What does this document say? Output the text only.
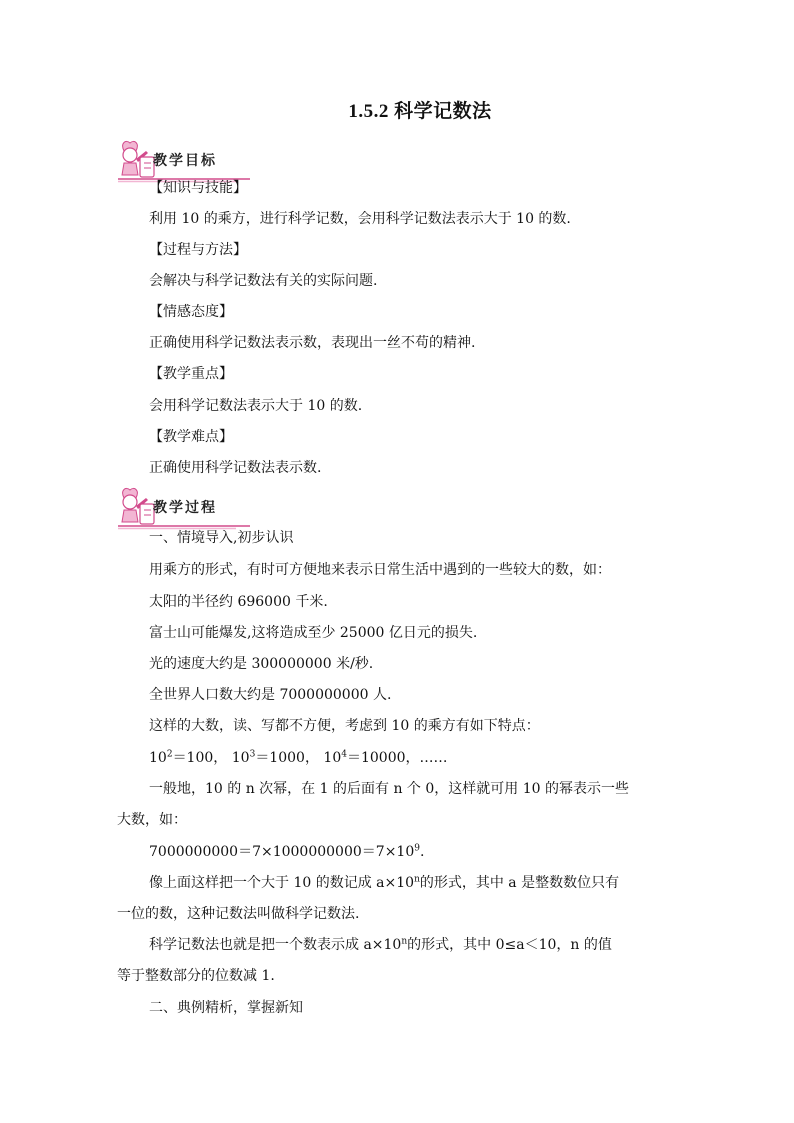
1.5.2 科学记数法
教学目标
【知识与技能】
利用 10 的乘方，进行科学记数，会用科学记数法表示大于 10 的数.
【过程与方法】
会解决与科学记数法有关的实际问题.
【情感态度】
正确使用科学记数法表示数，表现出一丝不苟的精神.
【教学重点】
会用科学记数法表示大于 10 的数.
【教学难点】
正确使用科学记数法表示数.
教学过程
一、情境导入,初步认识
用乘方的形式，有时可方便地来表示日常生活中遇到的一些较大的数，如：
太阳的半径约 696000 千米.
富士山可能爆发,这将造成至少 25000 亿日元的损失.
光的速度大约是 300000000 米/秒.
全世界人口数大约是 7000000000 人.
这样的大数，读、写都不方便，考虑到 10 的乘方有如下特点：
$10^2=100$， $10^3=1000$， $10^4=10000$，……
一般地，10 的 n 次幂，在 1 的后面有 n 个 0，这样就可用 10 的幂表示一些
大数，如：
$7000000000=7\times 1000000000=7\times 10^9$.
像上面这样把一个大于 10 的数记成 $a\times 10^n$的形式，其中 a 是整数数位只有
一位的数，这种记数法叫做科学记数法.
科学记数法也就是把一个数表示成 $a\times 10^n$的形式，其中 0≤a＜10，n 的值
等于整数部分的位数减 1.
二、典例精析，掌握新知
